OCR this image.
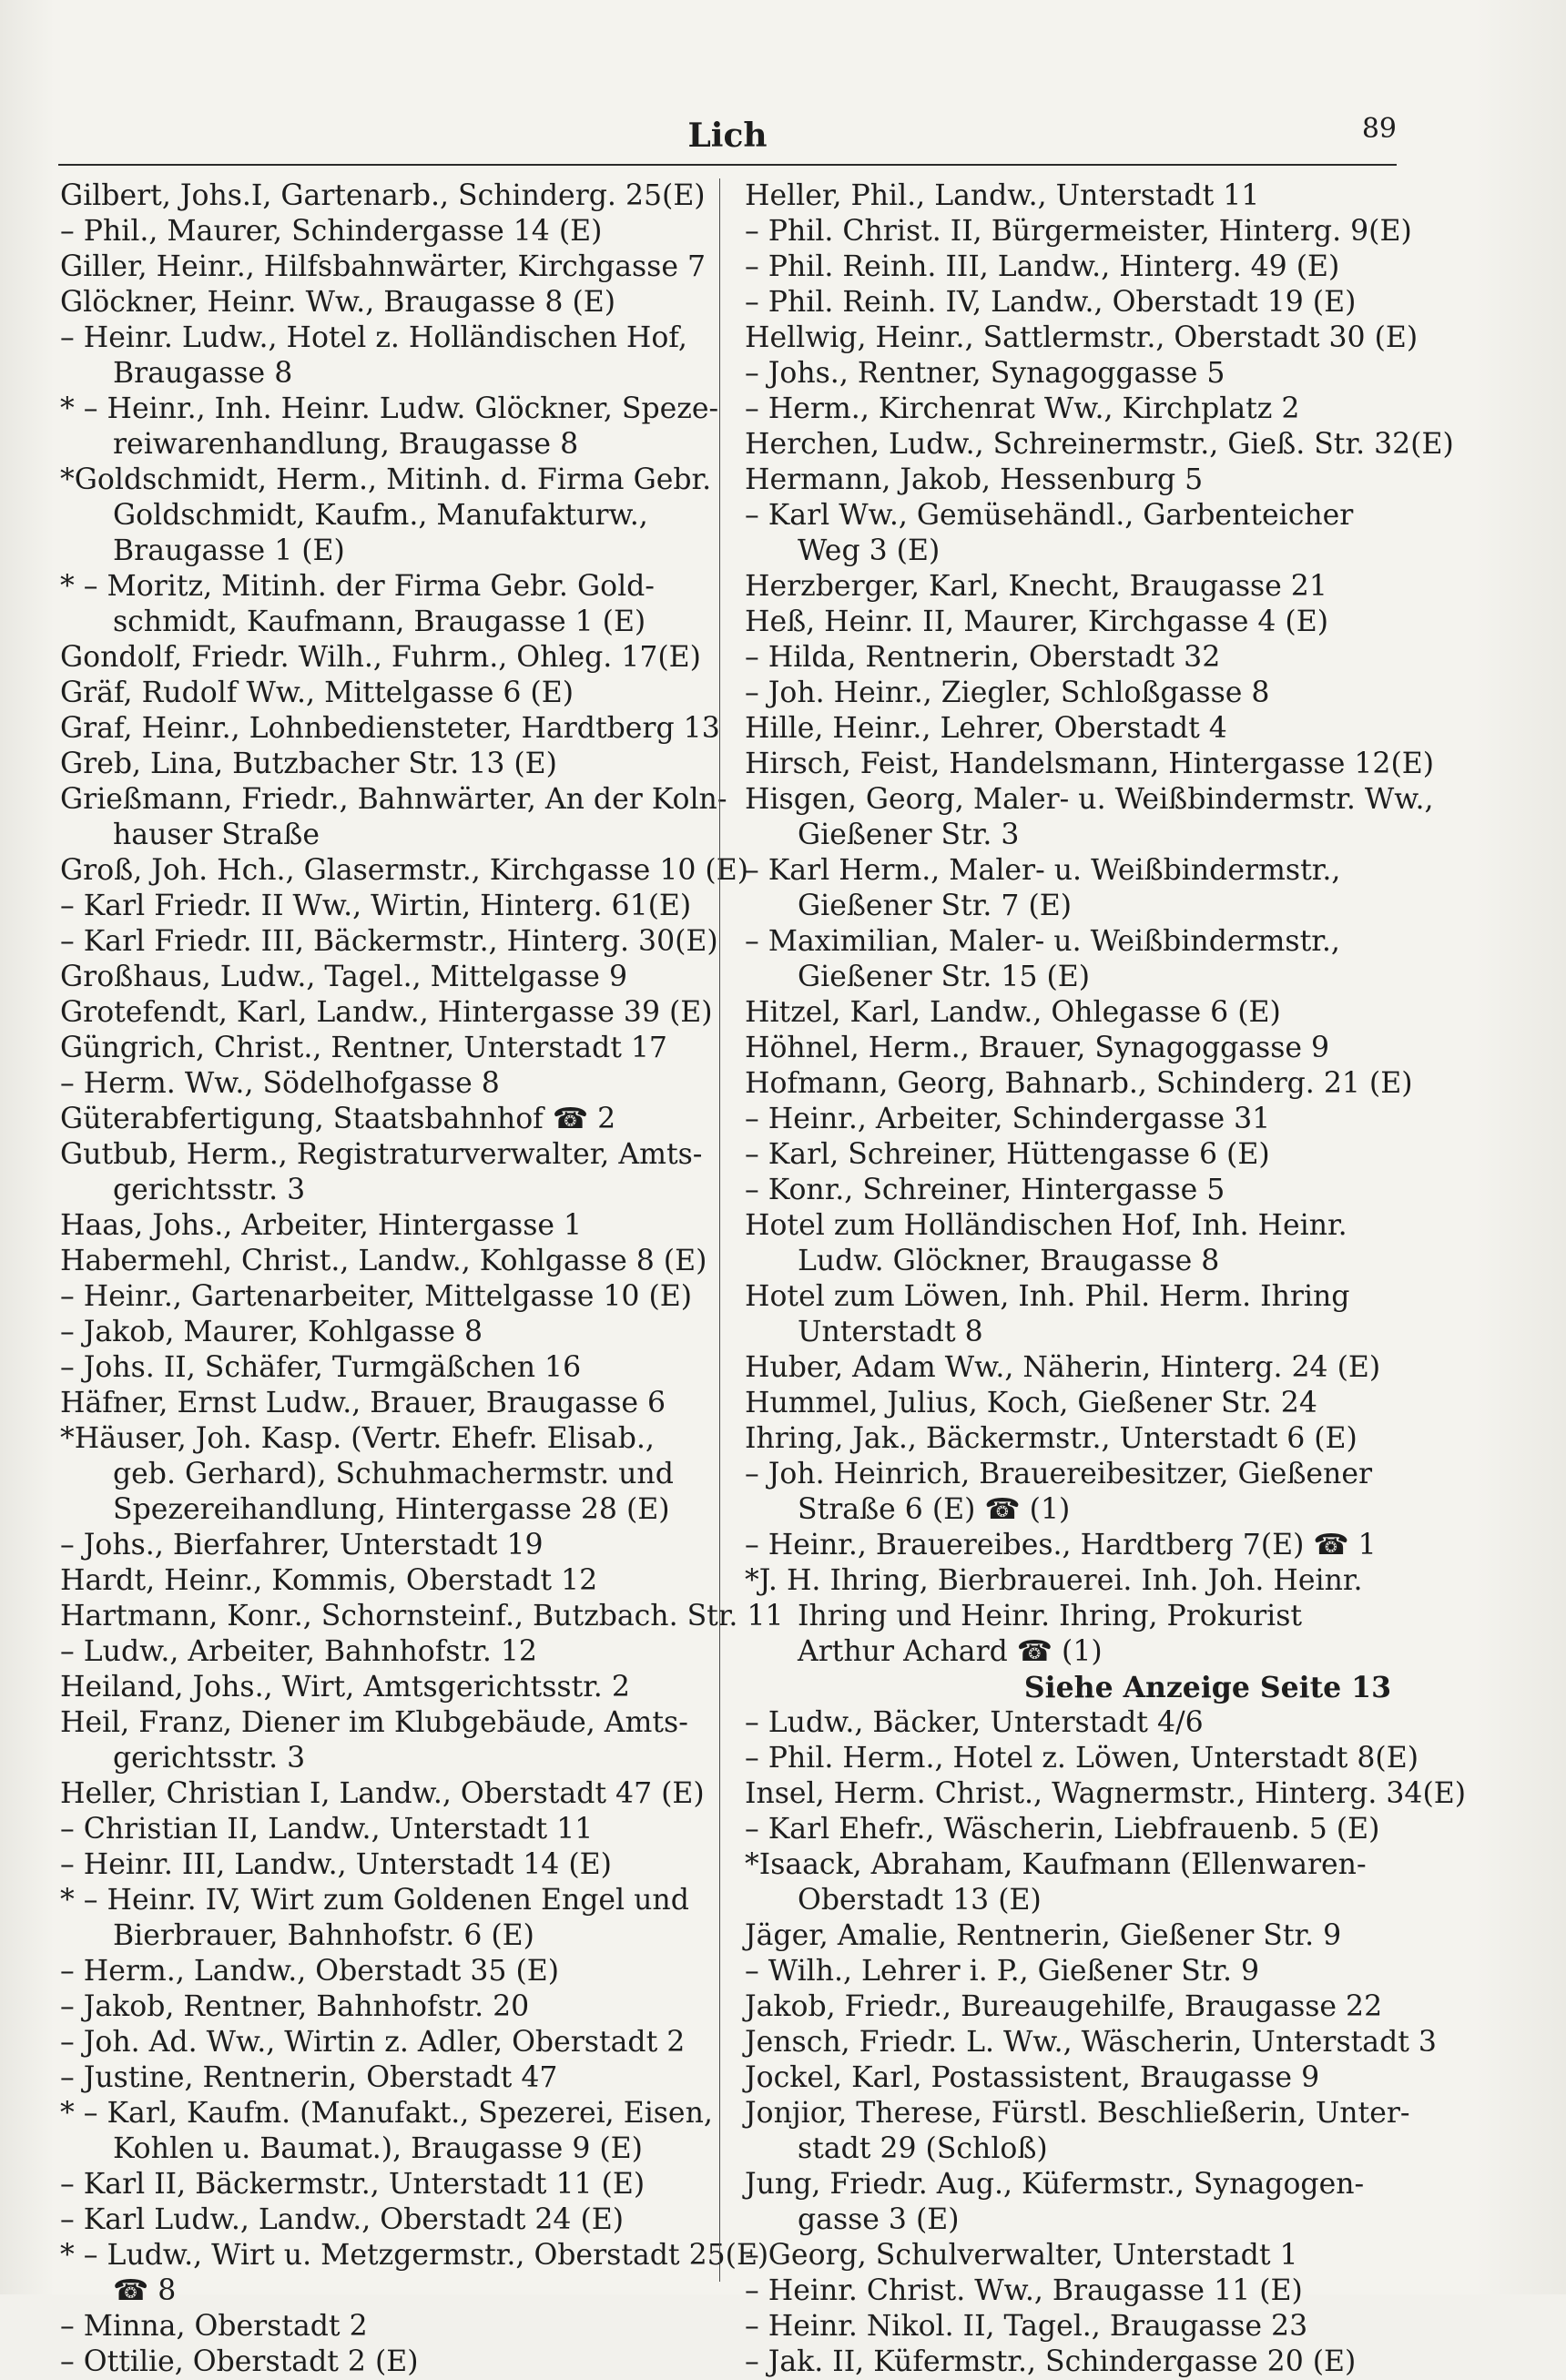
Lich	89
Gilbert, Johs.I, Gartenarb., Schinderg. 25(E)
– Phil., Maurer, Schindergasse 14 (E)
Giller, Heinr., Hilfsbahnwärter, Kirchgasse 7
Glöckner, Heinr. Ww., Braugasse 8 (E)
– Heinr. Ludw., Hotel z. Holländischen Hof,
Braugasse 8
* – Heinr., Inh. Heinr. Ludw. Glöckner, Speze-
reiwarenhandlung, Braugasse 8
*Goldschmidt, Herm., Mitinh. d. Firma Gebr.
Goldschmidt, Kaufm., Manufakturw.,
Braugasse 1 (E)
* – Moritz, Mitinh. der Firma Gebr. Gold-
schmidt, Kaufmann, Braugasse 1 (E)
Gondolf, Friedr. Wilh., Fuhrm., Ohleg. 17(E)
Gräf, Rudolf Ww., Mittelgasse 6 (E)
Graf, Heinr., Lohnbediensteter, Hardtberg 13
Greb, Lina, Butzbacher Str. 13 (E)
Grießmann, Friedr., Bahnwärter, An der Koln-
hauser Straße
Groß, Joh. Hch., Glasermstr., Kirchgasse 10 (E)
– Karl Friedr. II Ww., Wirtin, Hinterg. 61(E)
– Karl Friedr. III, Bäckermstr., Hinterg. 30(E)
Großhaus, Ludw., Tagel., Mittelgasse 9
Grotefendt, Karl, Landw., Hintergasse 39 (E)
Güngrich, Christ., Rentner, Unterstadt 17
– Herm. Ww., Södelhofgasse 8
Güterabfertigung, Staatsbahnhof ☎ 2
Gutbub, Herm., Registraturverwalter, Amts-
gerichtsstr. 3
Haas, Johs., Arbeiter, Hintergasse 1
Habermehl, Christ., Landw., Kohlgasse 8 (E)
– Heinr., Gartenarbeiter, Mittelgasse 10 (E)
– Jakob, Maurer, Kohlgasse 8
– Johs. II, Schäfer, Turmgäßchen 16
Häfner, Ernst Ludw., Brauer, Braugasse 6
*Häuser, Joh. Kasp. (Vertr. Ehefr. Elisab.,
geb. Gerhard), Schuhmachermstr. und
Spezereihandlung, Hintergasse 28 (E)
– Johs., Bierfahrer, Unterstadt 19
Hardt, Heinr., Kommis, Oberstadt 12
Hartmann, Konr., Schornsteinf., Butzbach. Str. 11
– Ludw., Arbeiter, Bahnhofstr. 12
Heiland, Johs., Wirt, Amtsgerichtsstr. 2
Heil, Franz, Diener im Klubgebäude, Amts-
gerichtsstr. 3
Heller, Christian I, Landw., Oberstadt 47 (E)
– Christian II, Landw., Unterstadt 11
– Heinr. III, Landw., Unterstadt 14 (E)
* – Heinr. IV, Wirt zum Goldenen Engel und
Bierbrauer, Bahnhofstr. 6 (E)
– Herm., Landw., Oberstadt 35 (E)
– Jakob, Rentner, Bahnhofstr. 20
– Joh. Ad. Ww., Wirtin z. Adler, Oberstadt 2
– Justine, Rentnerin, Oberstadt 47
* – Karl, Kaufm. (Manufakt., Spezerei, Eisen,
Kohlen u. Baumat.), Braugasse 9 (E)
– Karl II, Bäckermstr., Unterstadt 11 (E)
– Karl Ludw., Landw., Oberstadt 24 (E)
* – Ludw., Wirt u. Metzgermstr., Oberstadt 25(E)
☎ 8
– Minna, Oberstadt 2
– Ottilie, Oberstadt 2 (E)
Heller, Phil., Landw., Unterstadt 11
– Phil. Christ. II, Bürgermeister, Hinterg. 9(E)
– Phil. Reinh. III, Landw., Hinterg. 49 (E)
– Phil. Reinh. IV, Landw., Oberstadt 19 (E)
Hellwig, Heinr., Sattlermstr., Oberstadt 30 (E)
– Johs., Rentner, Synagoggasse 5
– Herm., Kirchenrat Ww., Kirchplatz 2
Herchen, Ludw., Schreinermstr., Gieß. Str. 32(E)
Hermann, Jakob, Hessenburg 5
– Karl Ww., Gemüsehändl., Garbenteicher
Weg 3 (E)
Herzberger, Karl, Knecht, Braugasse 21
Heß, Heinr. II, Maurer, Kirchgasse 4 (E)
– Hilda, Rentnerin, Oberstadt 32
– Joh. Heinr., Ziegler, Schloßgasse 8
Hille, Heinr., Lehrer, Oberstadt 4
Hirsch, Feist, Handelsmann, Hintergasse 12(E)
Hisgen, Georg, Maler- u. Weißbindermstr. Ww.,
Gießener Str. 3
– Karl Herm., Maler- u. Weißbindermstr.,
Gießener Str. 7 (E)
– Maximilian, Maler- u. Weißbindermstr.,
Gießener Str. 15 (E)
Hitzel, Karl, Landw., Ohlegasse 6 (E)
Höhnel, Herm., Brauer, Synagoggasse 9
Hofmann, Georg, Bahnarb., Schinderg. 21 (E)
– Heinr., Arbeiter, Schindergasse 31
– Karl, Schreiner, Hüttengasse 6 (E)
– Konr., Schreiner, Hintergasse 5
Hotel zum Holländischen Hof, Inh. Heinr.
Ludw. Glöckner, Braugasse 8
Hotel zum Löwen, Inh. Phil. Herm. Ihring
Unterstadt 8
Huber, Adam Ww., Näherin, Hinterg. 24 (E)
Hummel, Julius, Koch, Gießener Str. 24
Ihring, Jak., Bäckermstr., Unterstadt 6 (E)
– Joh. Heinrich, Brauereibesitzer, Gießener
Straße 6 (E) ☎ (1)
– Heinr., Brauereibes., Hardtberg 7(E) ☎ 1
*J. H. Ihring, Bierbrauerei. Inh. Joh. Heinr.
Ihring und Heinr. Ihring, Prokurist
Arthur Achard ☎ (1)
Siehe Anzeige Seite 13
– Ludw., Bäcker, Unterstadt 4/6
– Phil. Herm., Hotel z. Löwen, Unterstadt 8(E)
Insel, Herm. Christ., Wagnermstr., Hinterg. 34(E)
– Karl Ehefr., Wäscherin, Liebfrauenb. 5 (E)
*Isaack, Abraham, Kaufmann (Ellenwaren-
Oberstadt 13 (E)
Jäger, Amalie, Rentnerin, Gießener Str. 9
– Wilh., Lehrer i. P., Gießener Str. 9
Jakob, Friedr., Bureaugehilfe, Braugasse 22
Jensch, Friedr. L. Ww., Wäscherin, Unterstadt 3
Jockel, Karl, Postassistent, Braugasse 9
Jonjior, Therese, Fürstl. Beschließerin, Unter-
stadt 29 (Schloß)
Jung, Friedr. Aug., Küfermstr., Synagogen-
gasse 3 (E)
– Georg, Schulverwalter, Unterstadt 1
– Heinr. Christ. Ww., Braugasse 11 (E)
– Heinr. Nikol. II, Tagel., Braugasse 23
– Jak. II, Küfermstr., Schindergasse 20 (E)
